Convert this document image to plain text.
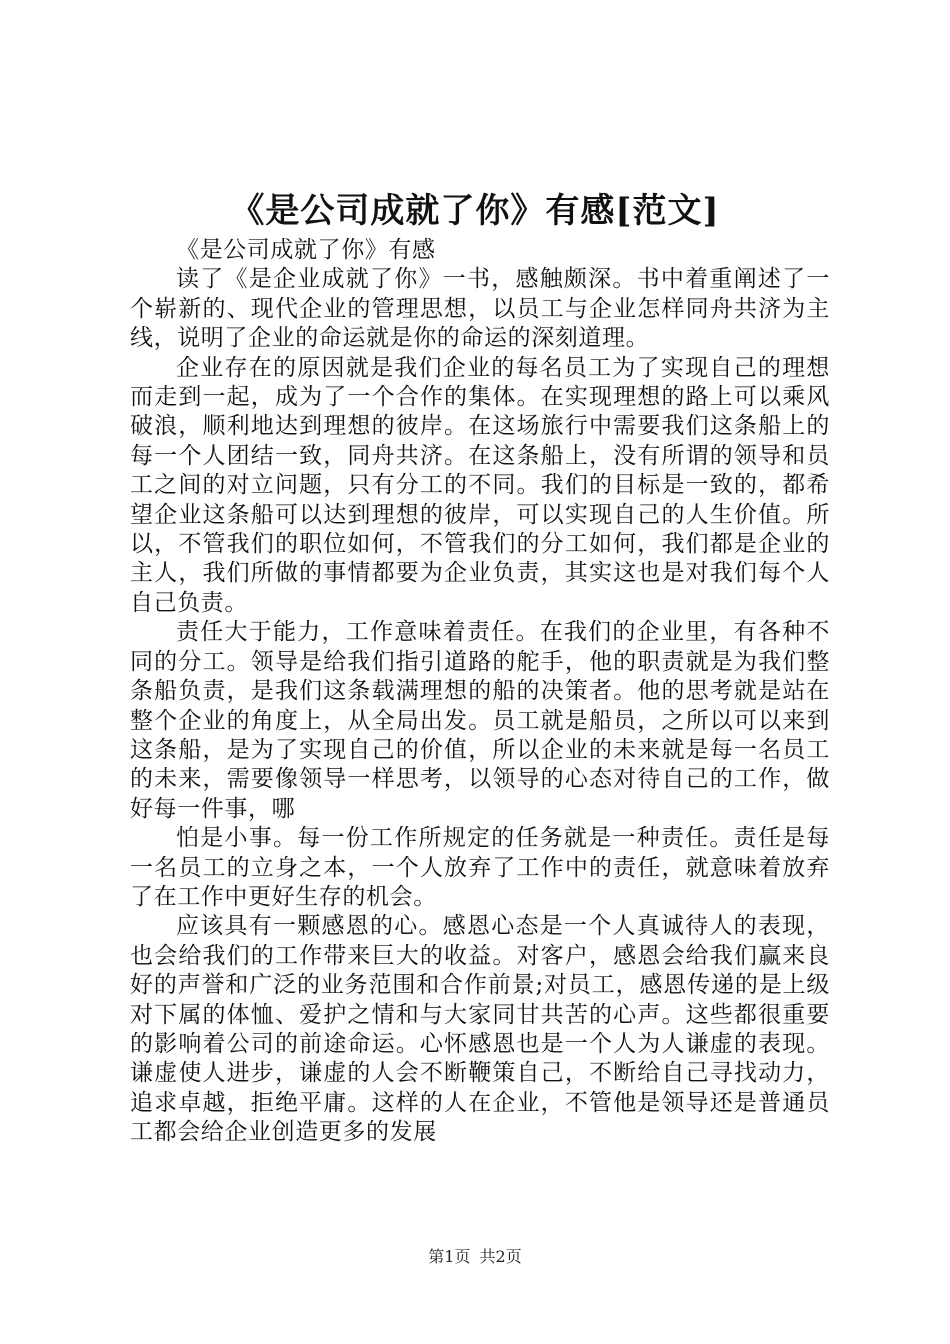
《是公司成就了你》有感[范文]

《是公司成就了你》有感

读了《是企业成就了你》一书，感触颇深。书中着重阐述了一个崭新的、现代企业的管理思想，以员工与企业怎样同舟共济为主线，说明了企业的命运就是你的命运的深刻道理。

企业存在的原因就是我们企业的每名员工为了实现自己的理想而走到一起，成为了一个合作的集体。在实现理想的路上可以乘风破浪，顺利地达到理想的彼岸。在这场旅行中需要我们这条船上的每一个人团结一致，同舟共济。在这条船上，没有所谓的领导和员工之间的对立问题，只有分工的不同。我们的目标是一致的，都希望企业这条船可以达到理想的彼岸，可以实现自己的人生价值。所以，不管我们的职位如何，不管我们的分工如何，我们都是企业的主人，我们所做的事情都要为企业负责，其实这也是对我们每个人自己负责。

责任大于能力，工作意味着责任。在我们的企业里，有各种不同的分工。领导是给我们指引道路的舵手，他的职责就是为我们整条船负责，是我们这条载满理想的船的决策者。他的思考就是站在整个企业的角度上，从全局出发。员工就是船员，之所以可以来到这条船，是为了实现自己的价值，所以企业的未来就是每一名员工的未来，需要像领导一样思考，以领导的心态对待自己的工作，做好每一件事，哪

怕是小事。每一份工作所规定的任务就是一种责任。责任是每一名员工的立身之本，一个人放弃了工作中的责任，就意味着放弃了在工作中更好生存的机会。

应该具有一颗感恩的心。感恩心态是一个人真诚待人的表现，也会给我们的工作带来巨大的收益。对客户，感恩会给我们赢来良好的声誉和广泛的业务范围和合作前景;对员工，感恩传递的是上级对下属的体恤、爱护之情和与大家同甘共苦的心声。这些都很重要的影响着公司的前途命运。心怀感恩也是一个人为人谦虚的表现。谦虚使人进步，谦虚的人会不断鞭策自己，不断给自己寻找动力，追求卓越，拒绝平庸。这样的人在企业，不管他是领导还是普通员工都会给企业创造更多的发展

第1页 共2页
